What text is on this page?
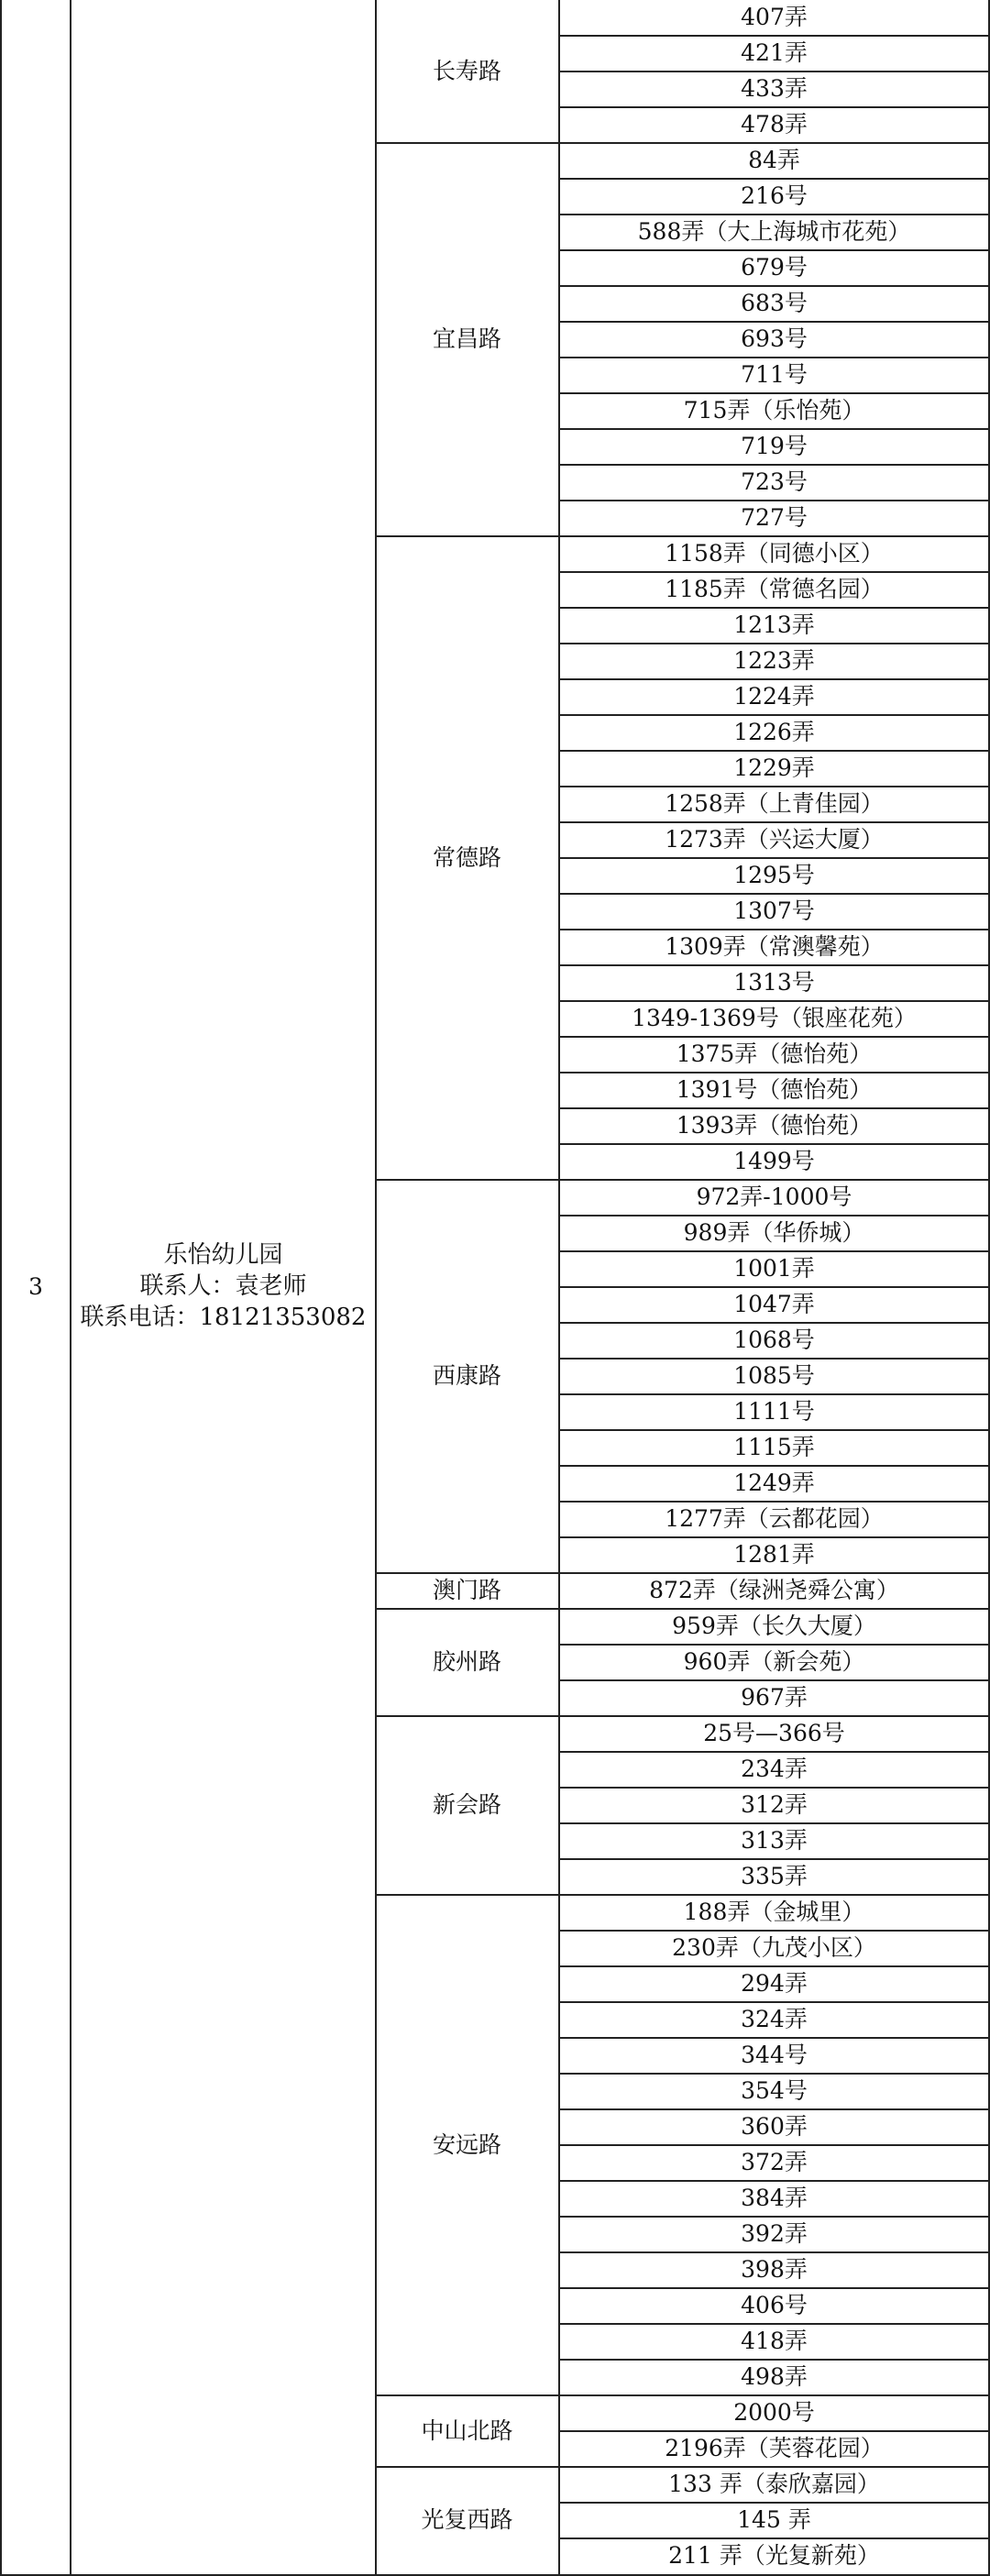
3
乐怡幼儿园
联系人：袁老师
联系电话：18121353082
长寿路
407弄
421弄
433弄
478弄
宜昌路
84弄
216号
588弄（大上海城市花苑）
679号
683号
693号
711号
715弄（乐怡苑）
719号
723号
727号
常德路
1158弄（同德小区）
1185弄（常德名园）
1213弄
1223弄
1224弄
1226弄
1229弄
1258弄（上青佳园）
1273弄（兴运大厦）
1295号
1307号
1309弄（常澳馨苑）
1313号
1349-1369号（银座花苑）
1375弄（德怡苑）
1391号（德怡苑）
1393弄（德怡苑）
1499号
西康路
972弄-1000号
989弄（华侨城）
1001弄
1047弄
1068号
1085号
1111号
1115弄
1249弄
1277弄（云都花园）
1281弄
澳门路	872弄（绿洲尧舜公寓）
胶州路
959弄（长久大厦）
960弄（新会苑）
967弄
新会路
25号—366号
234弄
312弄
313弄
335弄
安远路
188弄（金城里）
230弄（九茂小区）
294弄
324弄
344号
354号
360弄
372弄
384弄
392弄
398弄
406号
418弄
498弄
中山北路
2000号
2196弄（芙蓉花园）
光复西路
133 弄（泰欣嘉园）
145 弄
211 弄（光复新苑）
